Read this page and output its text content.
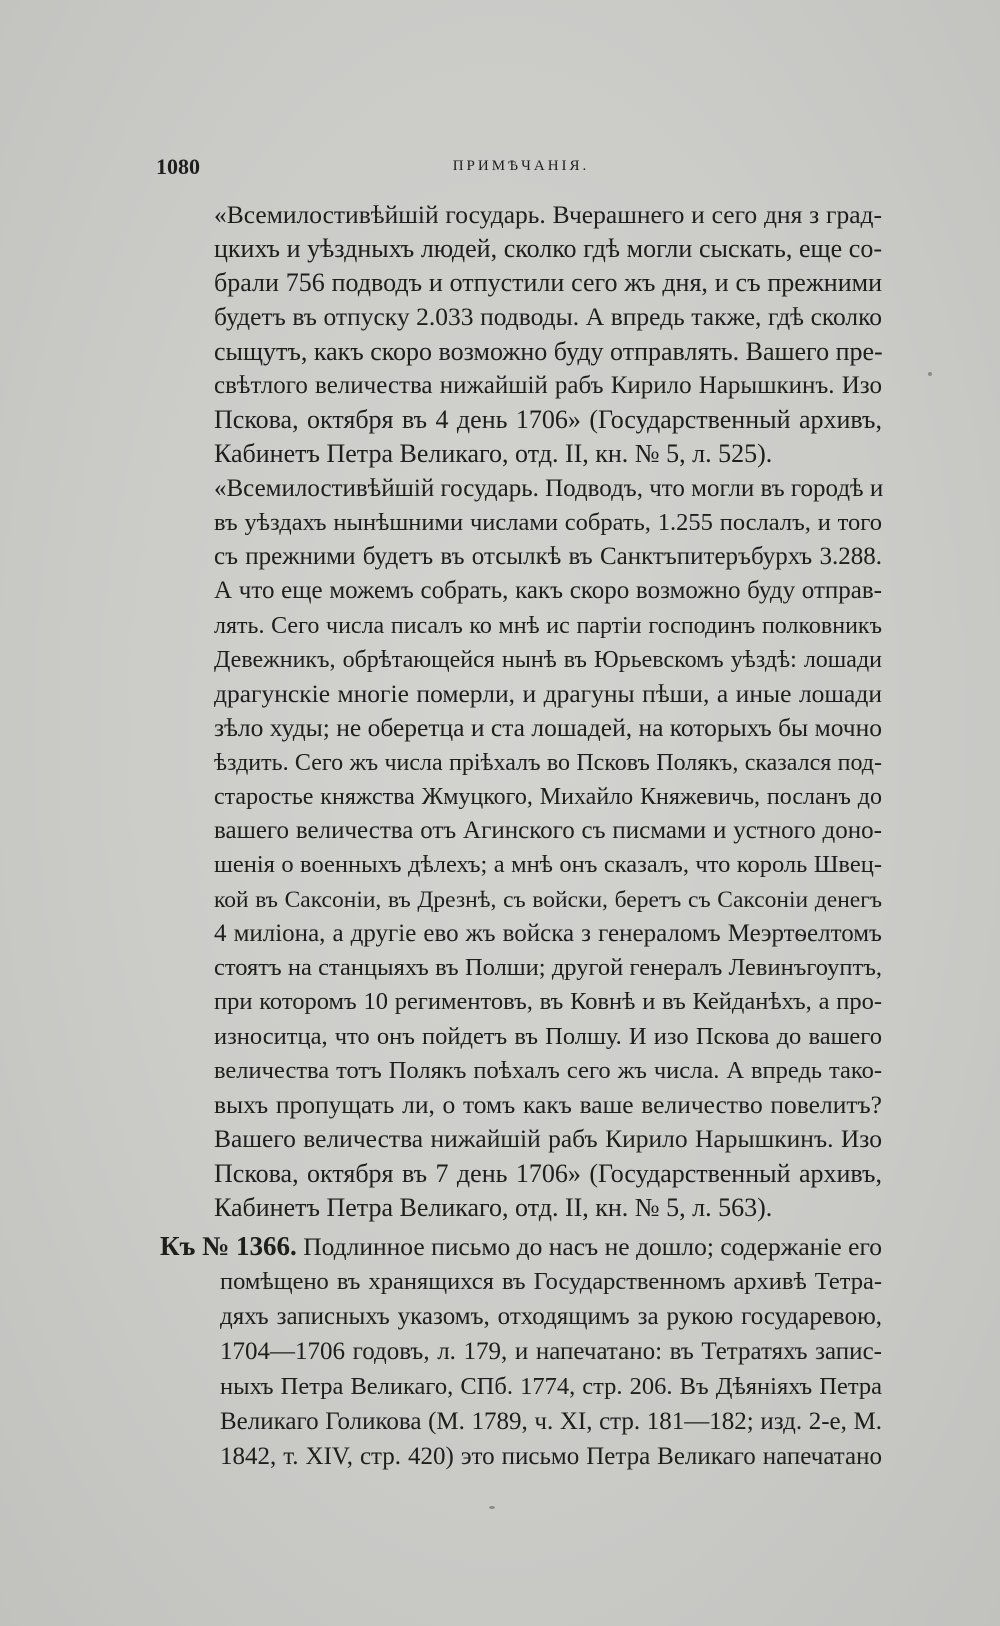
1080	ПРИМѢЧАНІЯ.
«Всемилостивѣйшiй государь. Вчерашнего и сего дня з град-
цкихъ и уѣздныхъ людей, сколко гдѣ могли сыскать, еще со-
брали 756 подводъ и отпустили сего жъ дня, и съ прежними
будетъ въ отпуску 2.033 подводы. А впредь также, гдѣ сколко
сыщутъ, какъ скоро возможно буду отправлять. Вашего пре-
свѣтлого величества нижайшiй рабъ Кирило Нарышкинъ. Изо
Пскова, октября въ 4 день 1706» (Государственный архивъ,
Кабинетъ Петра Великаго, отд. II, кн. № 5, л. 525).
«Всемилостивѣйшiй государь. Подводъ, что могли въ городѣ и
въ уѣздахъ нынѣшними числами собрать, 1.255 послалъ, и того
съ прежними будетъ въ отсылкѣ въ Санктъпитеръбурхъ 3.288.
А что еще можемъ собрать, какъ скоро возможно буду отправ-
лять. Сего числа писалъ ко мнѣ ис партiи господинъ полковникъ
Девежникъ, обрѣтающейся нынѣ въ Юрьевскомъ уѣздѣ: лошади
драгунскiе многiе померли, и драгуны пѣши, а иные лошади
зѣло худы; не оберетца и ста лошадей, на которыхъ бы мочно
ѣздить. Сего жъ числа прiѣхалъ во Псковъ Полякъ, сказался под-
старостье княжства Жмуцкого, Михайло Княжевичь, посланъ до
вашего величества отъ Агинского съ писмами и устного доно-
шенiя о военныхъ дѣлехъ; а мнѣ онъ сказалъ, что король Швец-
кой въ Саксонiи, въ Дрезнѣ, съ войски, беретъ съ Саксонiи денегъ
4 милiона, а другiе ево жъ войска з генераломъ Меэртѳелтомъ
стоятъ на станцыяхъ въ Полши; другой генералъ Левинъгоуптъ,
при которомъ 10 региментовъ, въ Ковнѣ и въ Кейданѣхъ, а про-
износитца, что онъ пойдетъ въ Полшу. И изо Пскова до вашего
величества тотъ Полякъ поѣхалъ сего жъ числа. А впредь тако-
выхъ пропущать ли, о томъ какъ ваше величество повелитъ?
Вашего величества нижайшiй рабъ Кирило Нарышкинъ. Изо
Пскова, октября въ 7 день 1706» (Государственный архивъ,
Кабинетъ Петра Великаго, отд. II, кн. № 5, л. 563).
Къ № 1366. Подлинное письмо до насъ не дошло; содержанiе его
помѣщено въ хранящихся въ Государственномъ архивѣ Тетра-
дяхъ записныхъ указомъ, отходящимъ за рукою государевою,
1704—1706 годовъ, л. 179, и напечатано: въ Тетратяхъ запис-
ныхъ Петра Великаго, СПб. 1774, стр. 206. Въ Дѣянiяхъ Петра
Великаго Голикова (М. 1789, ч. XI, стр. 181—182; изд. 2-е, М.
1842, т. XIV, стр. 420) это письмо Петра Великаго напечатано
